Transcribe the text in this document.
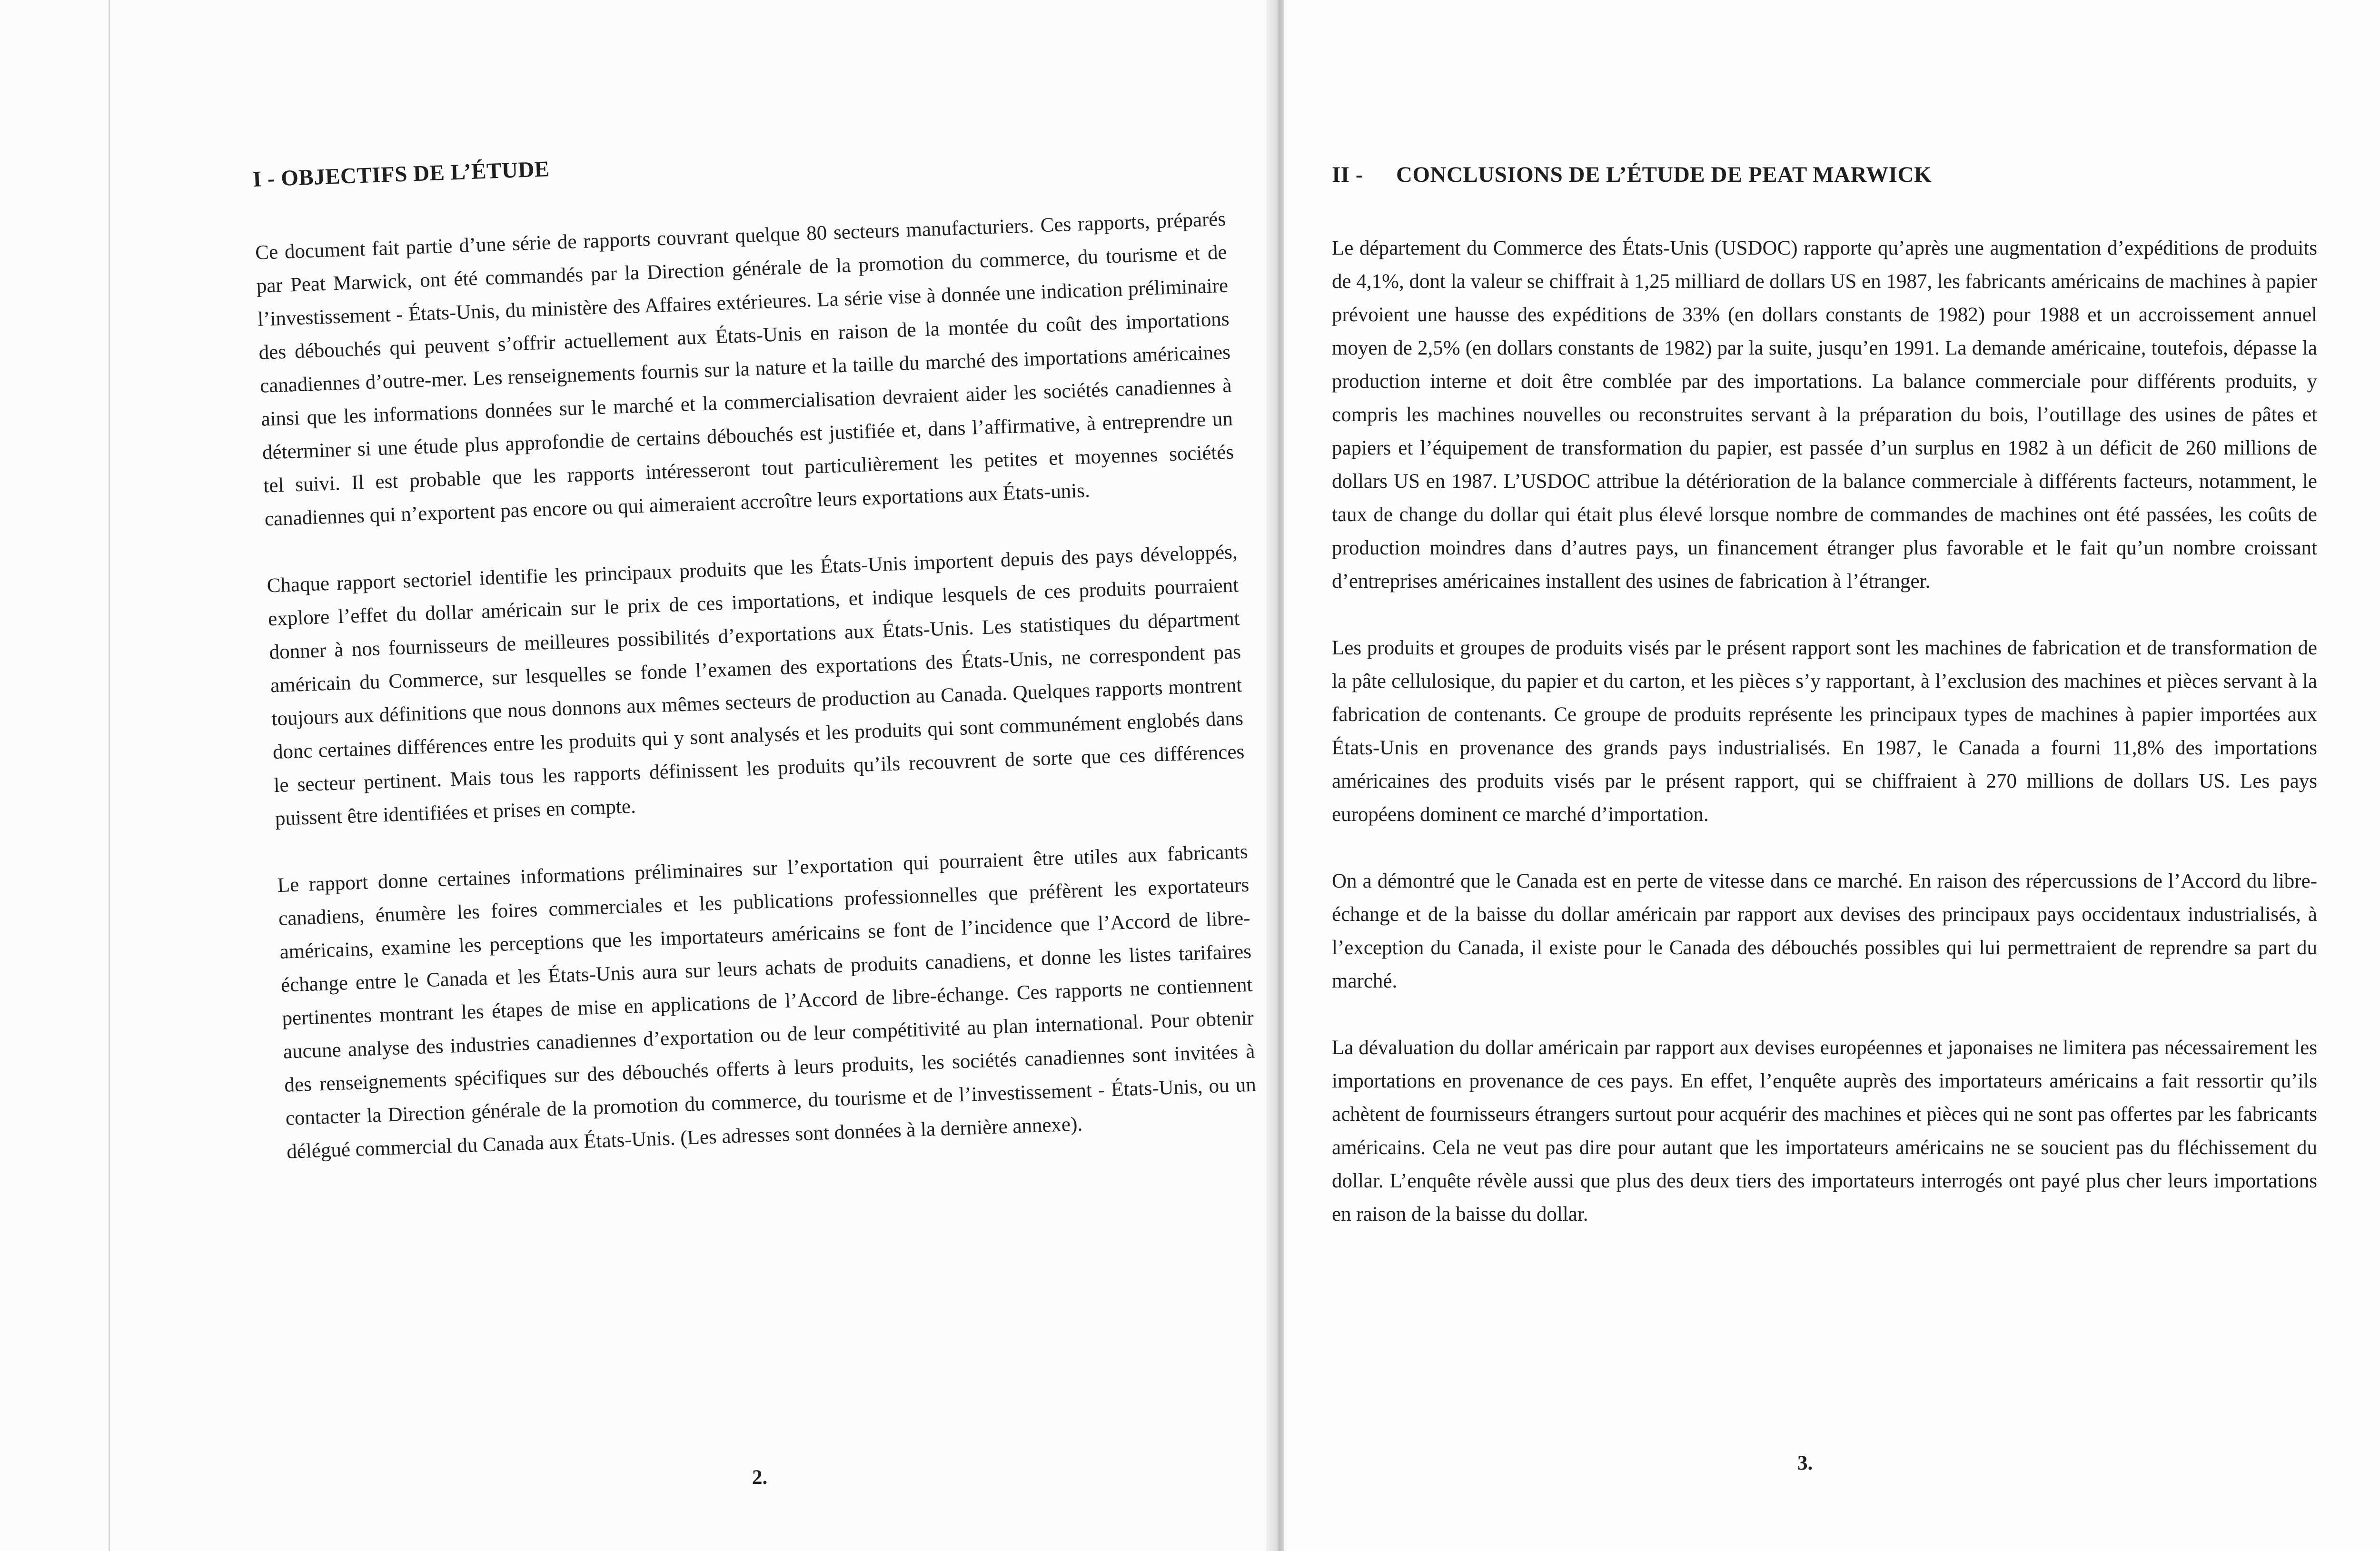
I - OBJECTIFS DE L’ÉTUDE

Ce document fait partie d’une série de rapports couvrant quelque 80 secteurs manufacturiers. Ces rapports, préparés par Peat Marwick, ont été commandés par la Direction générale de la promotion du commerce, du tourisme et de l’investissement - États-Unis, du ministère des Affaires extérieures. La série vise à donnée une indication préliminaire des débouchés qui peuvent s’offrir actuellement aux États-Unis en raison de la montée du coût des importations canadiennes d’outre-mer. Les renseignements fournis sur la nature et la taille du marché des importations américaines ainsi que les informations données sur le marché et la commercialisation devraient aider les sociétés canadiennes à déterminer si une étude plus approfondie de certains débouchés est justifiée et, dans l’affirmative, à entreprendre un tel suivi. Il est probable que les rapports intéresseront tout particulièrement les petites et moyennes sociétés canadiennes qui n’exportent pas encore ou qui aimeraient accroître leurs exportations aux États-unis.

Chaque rapport sectoriel identifie les principaux produits que les États-Unis importent depuis des pays développés, explore l’effet du dollar américain sur le prix de ces importations, et indique lesquels de ces produits pourraient donner à nos fournisseurs de meilleures possibilités d’exportations aux États-Unis. Les statistiques du départment américain du Commerce, sur lesquelles se fonde l’examen des exportations des États-Unis, ne correspondent pas toujours aux définitions que nous donnons aux mêmes secteurs de production au Canada. Quelques rapports montrent donc certaines différences entre les produits qui y sont analysés et les produits qui sont communément englobés dans le secteur pertinent. Mais tous les rapports définissent les produits qu’ils recouvrent de sorte que ces différences puissent être identifiées et prises en compte.

Le rapport donne certaines informations préliminaires sur l’exportation qui pourraient être utiles aux fabricants canadiens, énumère les foires commerciales et les publications professionnelles que préfèrent les exportateurs américains, examine les perceptions que les importateurs américains se font de l’incidence que l’Accord de libre-échange entre le Canada et les États-Unis aura sur leurs achats de produits canadiens, et donne les listes tarifaires pertinentes montrant les étapes de mise en applications de l’Accord de libre-échange. Ces rapports ne contiennent aucune analyse des industries canadiennes d’exportation ou de leur compétitivité au plan international. Pour obtenir des renseignements spécifiques sur des débouchés offerts à leurs produits, les sociétés canadiennes sont invitées à contacter la Direction générale de la promotion du commerce, du tourisme et de l’investissement - États-Unis, ou un délégué commercial du Canada aux États-Unis. (Les adresses sont données à la dernière annexe).

2.
II - CONCLUSIONS DE L’ÉTUDE DE PEAT MARWICK

Le département du Commerce des États-Unis (USDOC) rapporte qu’après une augmentation d’expéditions de produits de 4,1%, dont la valeur se chiffrait à 1,25 milliard de dollars US en 1987, les fabricants américains de machines à papier prévoient une hausse des expéditions de 33% (en dollars constants de 1982) pour 1988 et un accroissement annuel moyen de 2,5% (en dollars constants de 1982) par la suite, jusqu’en 1991. La demande américaine, toutefois, dépasse la production interne et doit être comblée par des importations. La balance commerciale pour différents produits, y compris les machines nouvelles ou reconstruites servant à la préparation du bois, l’outillage des usines de pâtes et papiers et l’équipement de transformation du papier, est passée d’un surplus en 1982 à un déficit de 260 millions de dollars US en 1987. L’USDOC attribue la détérioration de la balance commerciale à différents facteurs, notamment, le taux de change du dollar qui était plus élevé lorsque nombre de commandes de machines ont été passées, les coûts de production moindres dans d’autres pays, un financement étranger plus favorable et le fait qu’un nombre croissant d’entreprises américaines installent des usines de fabrication à l’étranger.

Les produits et groupes de produits visés par le présent rapport sont les machines de fabrication et de transformation de la pâte cellulosique, du papier et du carton, et les pièces s’y rapportant, à l’exclusion des machines et pièces servant à la fabrication de contenants. Ce groupe de produits représente les principaux types de machines à papier importées aux États-Unis en provenance des grands pays industrialisés. En 1987, le Canada a fourni 11,8% des importations américaines des produits visés par le présent rapport, qui se chiffraient à 270 millions de dollars US. Les pays européens dominent ce marché d’importation.

On a démontré que le Canada est en perte de vitesse dans ce marché. En raison des répercussions de l’Accord du libre-échange et de la baisse du dollar américain par rapport aux devises des principaux pays occidentaux industrialisés, à l’exception du Canada, il existe pour le Canada des débouchés possibles qui lui permettraient de reprendre sa part du marché.

La dévaluation du dollar américain par rapport aux devises européennes et japonaises ne limitera pas nécessairement les importations en provenance de ces pays. En effet, l’enquête auprès des importateurs américains a fait ressortir qu’ils achètent de fournisseurs étrangers surtout pour acquérir des machines et pièces qui ne sont pas offertes par les fabricants américains. Cela ne veut pas dire pour autant que les importateurs américains ne se soucient pas du fléchissement du dollar. L’enquête révèle aussi que plus des deux tiers des importateurs interrogés ont payé plus cher leurs importations en raison de la baisse du dollar.

3.
